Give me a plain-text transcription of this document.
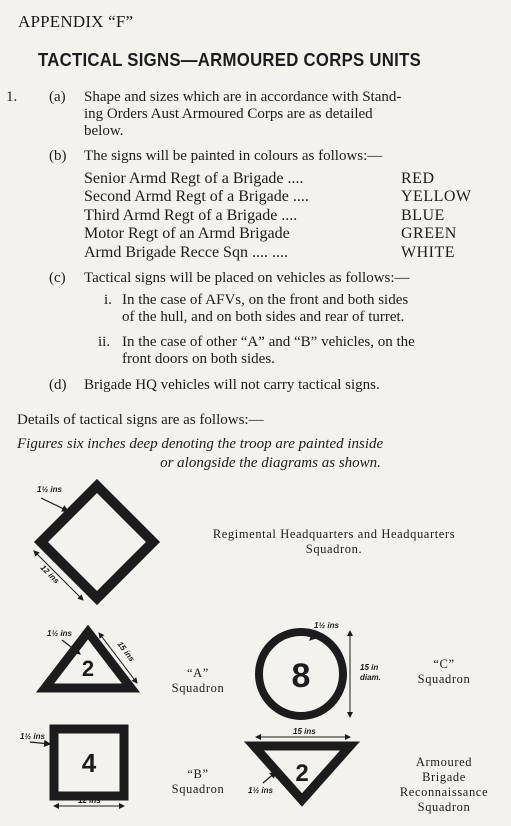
APPENDIX “F”
TACTICAL SIGNS—ARMOURED CORPS UNITS
1. (a) Shape and sizes which are in accordance with Stand-
ing Orders Aust Armoured Corps are as detailed
below.
(b) The signs will be painted in colours as follows:—
Senior Armd Regt of a Brigade ....	RED
Second Armd Regt of a Brigade ....	YELLOW
Third Armd Regt of a Brigade ....	BLUE
Motor Regt of an Armd Brigade	GREEN
Armd Brigade Recce Sqn .... ....	WHITE
(c) Tactical signs will be placed on vehicles as follows:—
i. In the case of AFVs, on the front and both sides
of the hull, and on both sides and rear of turret.
ii. In the case of other “A” and “B” vehicles, on the
front doors on both sides.
(d) Brigade HQ vehicles will not carry tactical signs.
Details of tactical signs are as follows:—
Figures six inches deep denoting the troop are painted inside
or alongside the diagrams as shown.
2
4
8
2
1½ ins
12 ins
1½ ins
15 ins
1½ ins
12 ins
1½ ins
15 in
diam.
15 ins
1½ ins
Regimental Headquarters and Headquarters
Squadron.
“A”
Squadron
“B”
Squadron
“C”
Squadron
Armoured
Brigade
Reconnaissance
Squadron
